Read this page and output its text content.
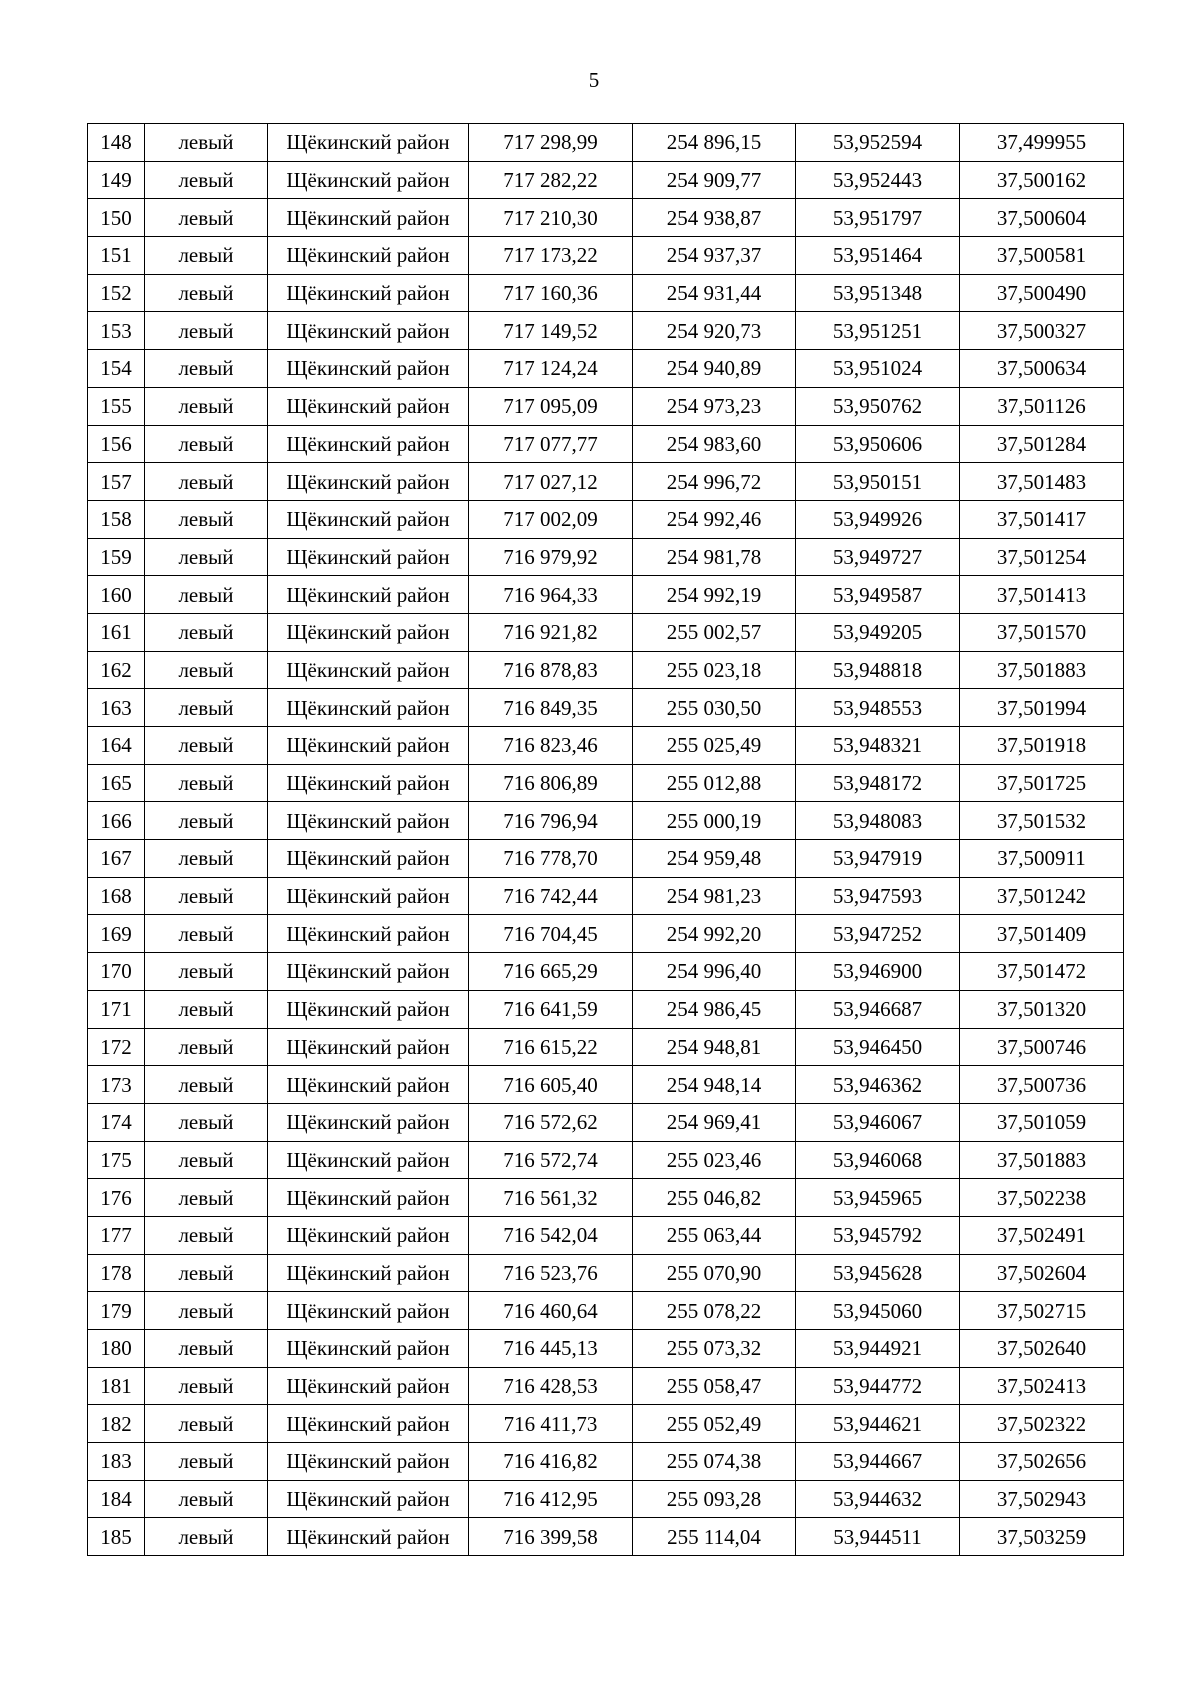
5
148	левый	Щёкинский район	717 298,99	254 896,15	53,952594	37,499955
149	левый	Щёкинский район	717 282,22	254 909,77	53,952443	37,500162
150	левый	Щёкинский район	717 210,30	254 938,87	53,951797	37,500604
151	левый	Щёкинский район	717 173,22	254 937,37	53,951464	37,500581
152	левый	Щёкинский район	717 160,36	254 931,44	53,951348	37,500490
153	левый	Щёкинский район	717 149,52	254 920,73	53,951251	37,500327
154	левый	Щёкинский район	717 124,24	254 940,89	53,951024	37,500634
155	левый	Щёкинский район	717 095,09	254 973,23	53,950762	37,501126
156	левый	Щёкинский район	717 077,77	254 983,60	53,950606	37,501284
157	левый	Щёкинский район	717 027,12	254 996,72	53,950151	37,501483
158	левый	Щёкинский район	717 002,09	254 992,46	53,949926	37,501417
159	левый	Щёкинский район	716 979,92	254 981,78	53,949727	37,501254
160	левый	Щёкинский район	716 964,33	254 992,19	53,949587	37,501413
161	левый	Щёкинский район	716 921,82	255 002,57	53,949205	37,501570
162	левый	Щёкинский район	716 878,83	255 023,18	53,948818	37,501883
163	левый	Щёкинский район	716 849,35	255 030,50	53,948553	37,501994
164	левый	Щёкинский район	716 823,46	255 025,49	53,948321	37,501918
165	левый	Щёкинский район	716 806,89	255 012,88	53,948172	37,501725
166	левый	Щёкинский район	716 796,94	255 000,19	53,948083	37,501532
167	левый	Щёкинский район	716 778,70	254 959,48	53,947919	37,500911
168	левый	Щёкинский район	716 742,44	254 981,23	53,947593	37,501242
169	левый	Щёкинский район	716 704,45	254 992,20	53,947252	37,501409
170	левый	Щёкинский район	716 665,29	254 996,40	53,946900	37,501472
171	левый	Щёкинский район	716 641,59	254 986,45	53,946687	37,501320
172	левый	Щёкинский район	716 615,22	254 948,81	53,946450	37,500746
173	левый	Щёкинский район	716 605,40	254 948,14	53,946362	37,500736
174	левый	Щёкинский район	716 572,62	254 969,41	53,946067	37,501059
175	левый	Щёкинский район	716 572,74	255 023,46	53,946068	37,501883
176	левый	Щёкинский район	716 561,32	255 046,82	53,945965	37,502238
177	левый	Щёкинский район	716 542,04	255 063,44	53,945792	37,502491
178	левый	Щёкинский район	716 523,76	255 070,90	53,945628	37,502604
179	левый	Щёкинский район	716 460,64	255 078,22	53,945060	37,502715
180	левый	Щёкинский район	716 445,13	255 073,32	53,944921	37,502640
181	левый	Щёкинский район	716 428,53	255 058,47	53,944772	37,502413
182	левый	Щёкинский район	716 411,73	255 052,49	53,944621	37,502322
183	левый	Щёкинский район	716 416,82	255 074,38	53,944667	37,502656
184	левый	Щёкинский район	716 412,95	255 093,28	53,944632	37,502943
185	левый	Щёкинский район	716 399,58	255 114,04	53,944511	37,503259
